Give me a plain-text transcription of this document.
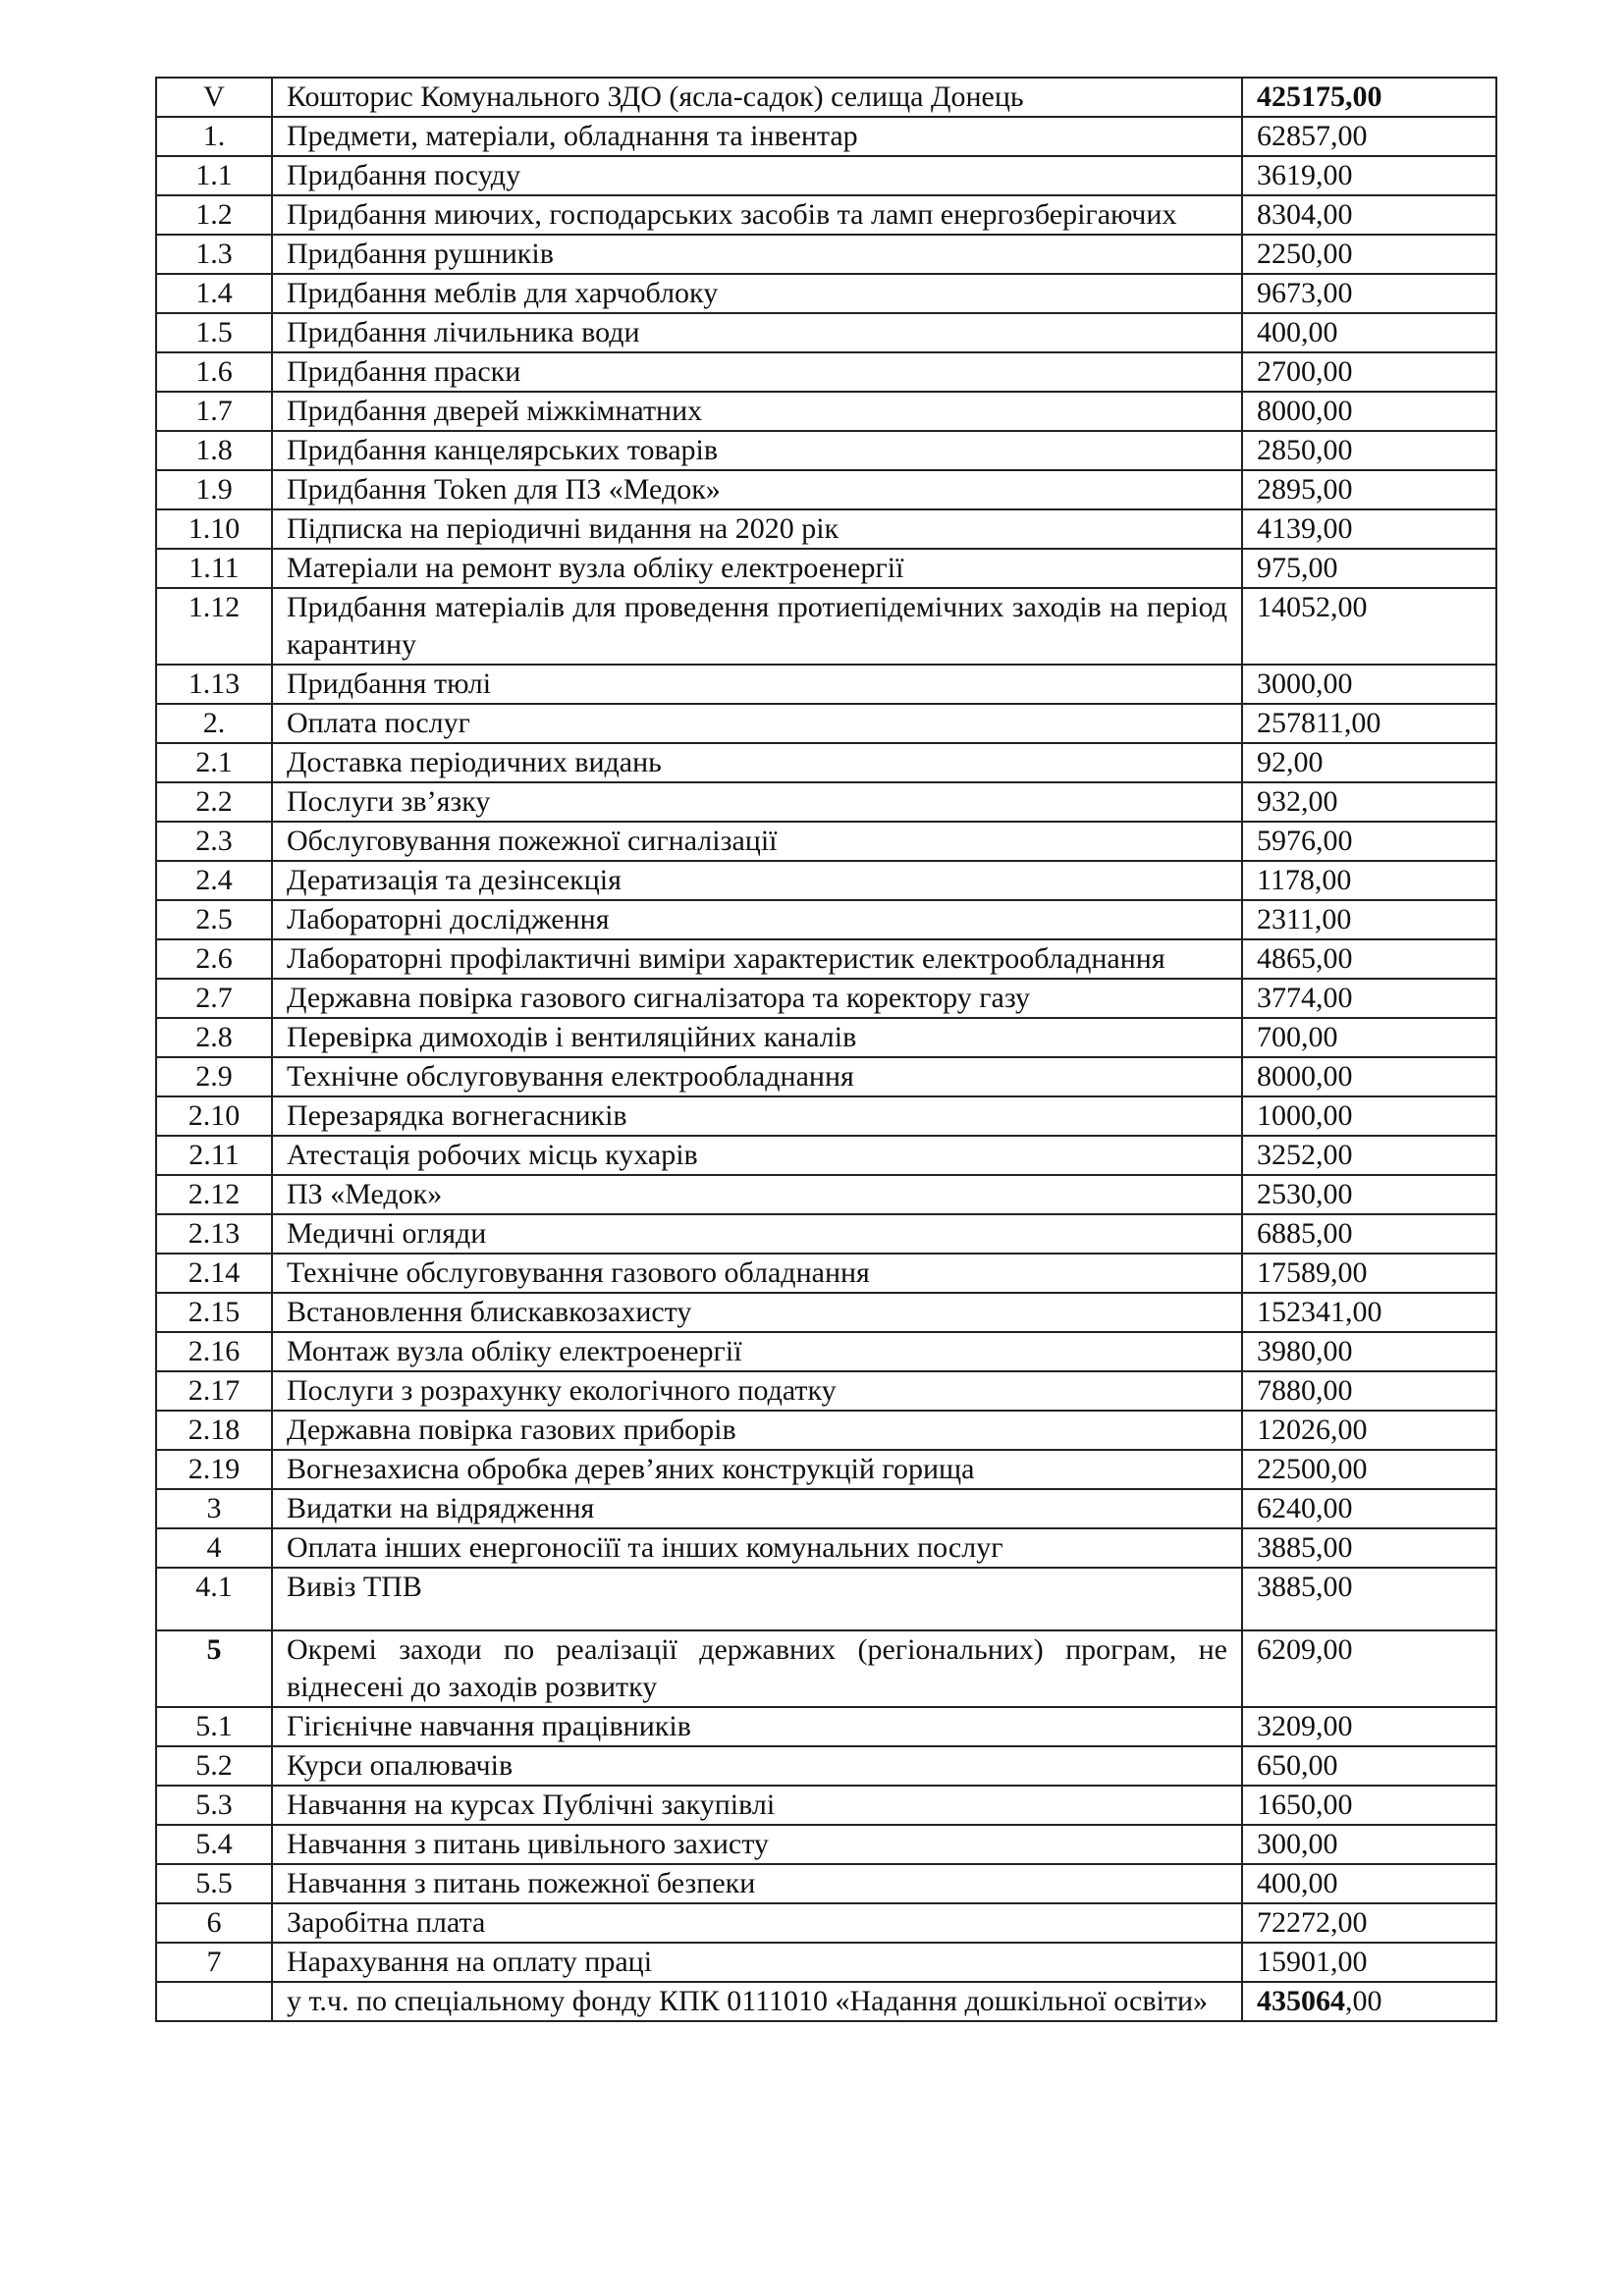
V	Кошторис Комунального ЗДО (ясла-садок) селища Донець	425175,00
1.	Предмети, матеріали, обладнання та інвентар	62857,00
1.1	Придбання посуду	3619,00
1.2	Придбання миючих, господарських засобів та ламп енергозберігаючих	8304,00
1.3	Придбання рушників	2250,00
1.4	Придбання меблів для харчоблоку	9673,00
1.5	Придбання лічильника води	400,00
1.6	Придбання праски	2700,00
1.7	Придбання дверей міжкімнатних	8000,00
1.8	Придбання канцелярських товарів	2850,00
1.9	Придбання Token для ПЗ «Медок»	2895,00
1.10	Підписка на періодичні видання на 2020 рік	4139,00
1.11	Матеріали на ремонт вузла обліку електроенергії	975,00
1.12	Придбання матеріалів для проведення протиепідемічних заходів на період карантину	14052,00
1.13	Придбання тюлі	3000,00
2.	Оплата послуг	257811,00
2.1	Доставка періодичних видань	92,00
2.2	Послуги зв’язку	932,00
2.3	Обслуговування пожежної сигналізації	5976,00
2.4	Дератизація та дезінсекція	1178,00
2.5	Лабораторні дослідження	2311,00
2.6	Лабораторні профілактичні виміри характеристик електрообладнання	4865,00
2.7	Державна повірка газового сигналізатора та коректору газу	3774,00
2.8	Перевірка димоходів і вентиляційних каналів	700,00
2.9	Технічне обслуговування електрообладнання	8000,00
2.10	Перезарядка вогнегасників	1000,00
2.11	Атестація робочих місць кухарів	3252,00
2.12	ПЗ «Медок»	2530,00
2.13	Медичні огляди	6885,00
2.14	Технічне обслуговування газового обладнання	17589,00
2.15	Встановлення блискавкозахисту	152341,00
2.16	Монтаж вузла обліку електроенергії	3980,00
2.17	Послуги з розрахунку екологічного податку	7880,00
2.18	Державна повірка газових приборів	12026,00
2.19	Вогнезахисна обробка дерев’яних конструкцій горища	22500,00
3	Видатки на відрядження	6240,00
4	Оплата інших енергоносіїї та інших комунальних послуг	3885,00
4.1	Вивіз ТПВ	3885,00
5	Окремі заходи по реалізації державних (регіональних) програм, не віднесені до заходів розвитку	6209,00
5.1	Гігієнічне навчання працівників	3209,00
5.2	Курси опалювачів	650,00
5.3	Навчання на курсах Публічні закупівлі	1650,00
5.4	Навчання з питань цивільного захисту	300,00
5.5	Навчання з питань пожежної безпеки	400,00
6	Заробітна плата	72272,00
7	Нарахування на оплату праці	15901,00
	у т.ч. по спеціальному фонду КПК 0111010 «Надання дошкільної освіти»	435064,00
